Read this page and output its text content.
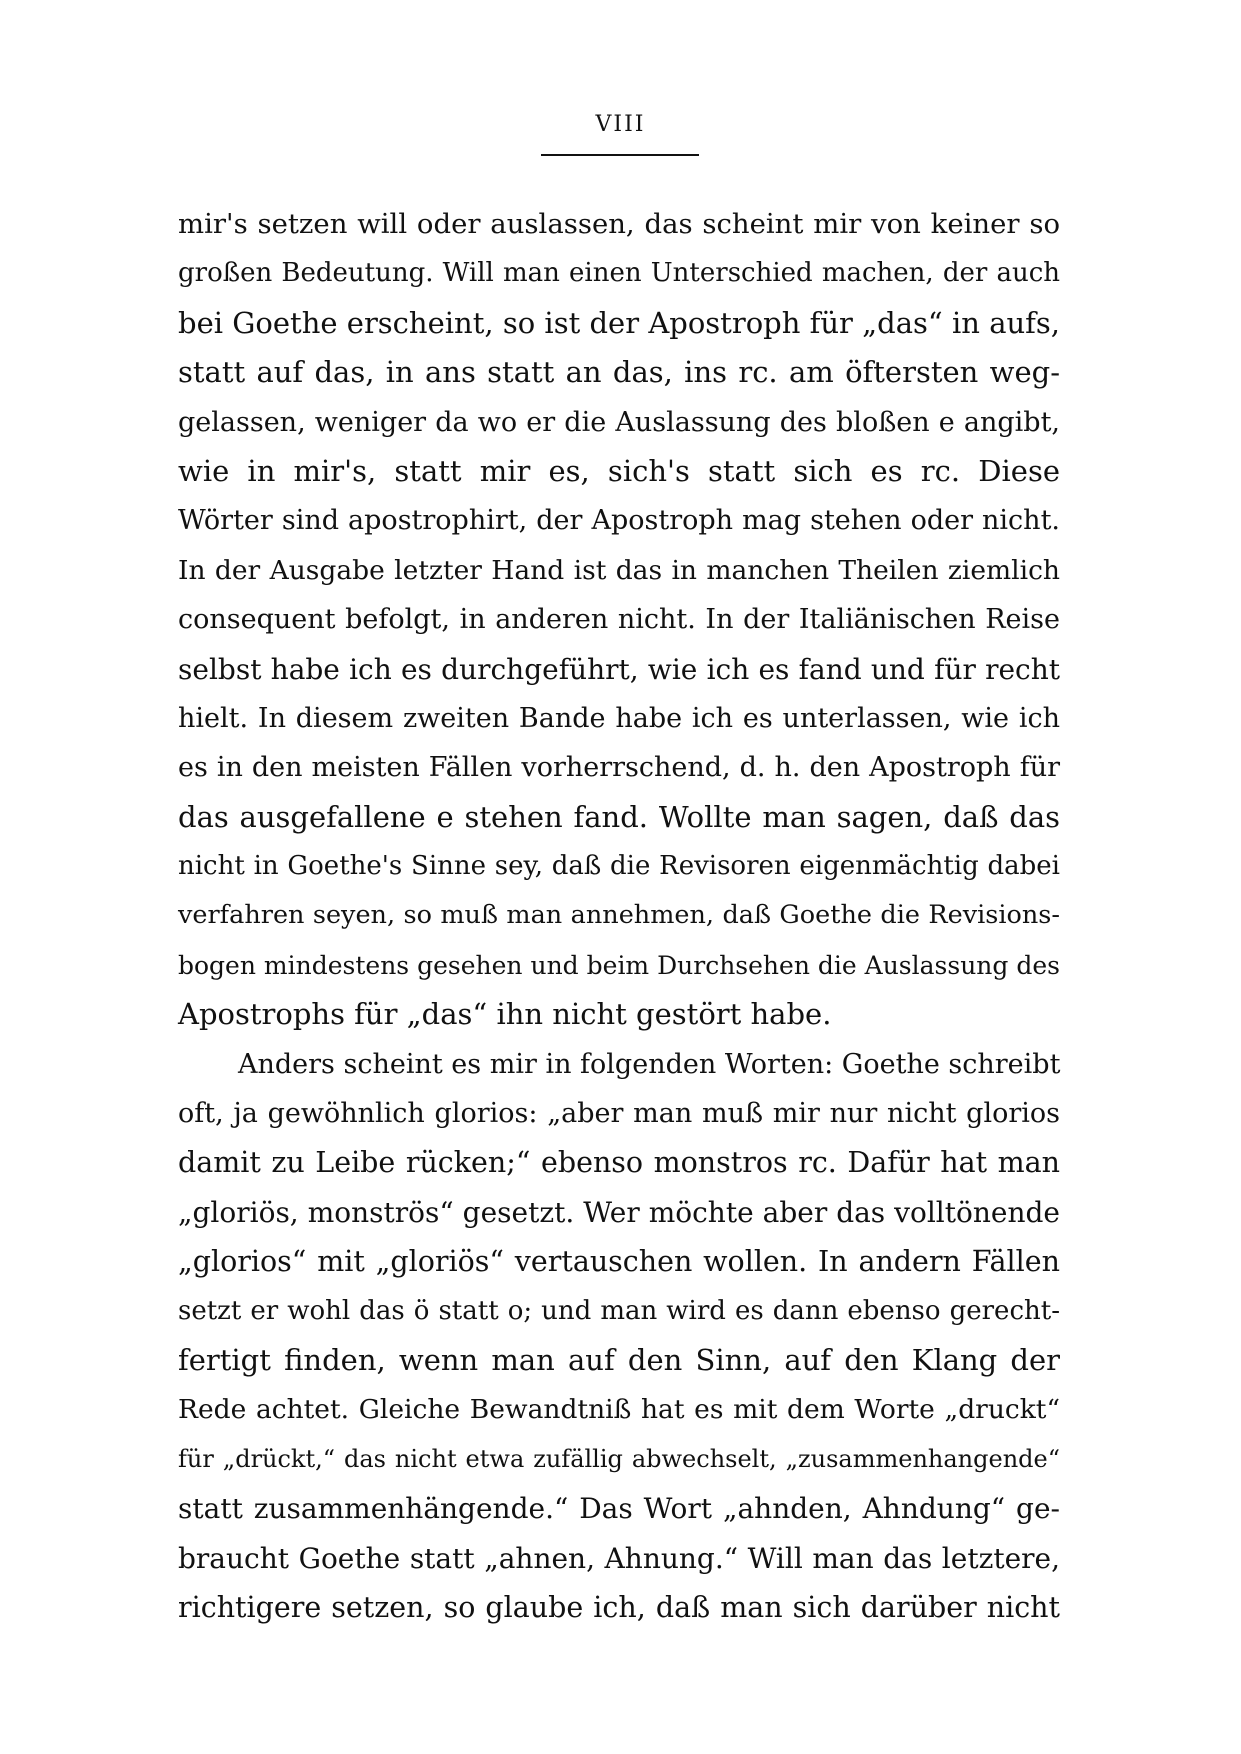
VIII
mir's setzen will oder auslassen, das scheint mir von keiner so
großen Bedeutung. Will man einen Unterschied machen, der auch
bei Goethe erscheint, so ist der Apostroph für „das“ in aufs,
statt auf das, in ans statt an das, ins rc. am öftersten weg-
gelassen, weniger da wo er die Auslassung des bloßen e angibt,
wie in mir's, statt mir es, sich's statt sich es rc. Diese
Wörter sind apostrophirt, der Apostroph mag stehen oder nicht.
In der Ausgabe letzter Hand ist das in manchen Theilen ziemlich
consequent befolgt, in anderen nicht. In der Italiänischen Reise
selbst habe ich es durchgeführt, wie ich es fand und für recht
hielt. In diesem zweiten Bande habe ich es unterlassen, wie ich
es in den meisten Fällen vorherrschend, d. h. den Apostroph für
das ausgefallene e stehen fand. Wollte man sagen, daß das
nicht in Goethe's Sinne sey, daß die Revisoren eigenmächtig dabei
verfahren seyen, so muß man annehmen, daß Goethe die Revisions-
bogen mindestens gesehen und beim Durchsehen die Auslassung des
Apostrophs für „das“ ihn nicht gestört habe.
Anders scheint es mir in folgenden Worten: Goethe schreibt
oft, ja gewöhnlich glorios: „aber man muß mir nur nicht glorios
damit zu Leibe rücken;“ ebenso monstros rc. Dafür hat man
„gloriös, monströs“ gesetzt. Wer möchte aber das volltönende
„glorios“ mit „gloriös“ vertauschen wollen. In andern Fällen
setzt er wohl das ö statt o; und man wird es dann ebenso gerecht-
fertigt finden, wenn man auf den Sinn, auf den Klang der
Rede achtet. Gleiche Bewandtniß hat es mit dem Worte „druckt“
für „drückt,“ das nicht etwa zufällig abwechselt, „zusammenhangende“
statt zusammenhängende.“ Das Wort „ahnden, Ahndung“ ge-
braucht Goethe statt „ahnen, Ahnung.“ Will man das letztere,
richtigere setzen, so glaube ich, daß man sich darüber nicht
